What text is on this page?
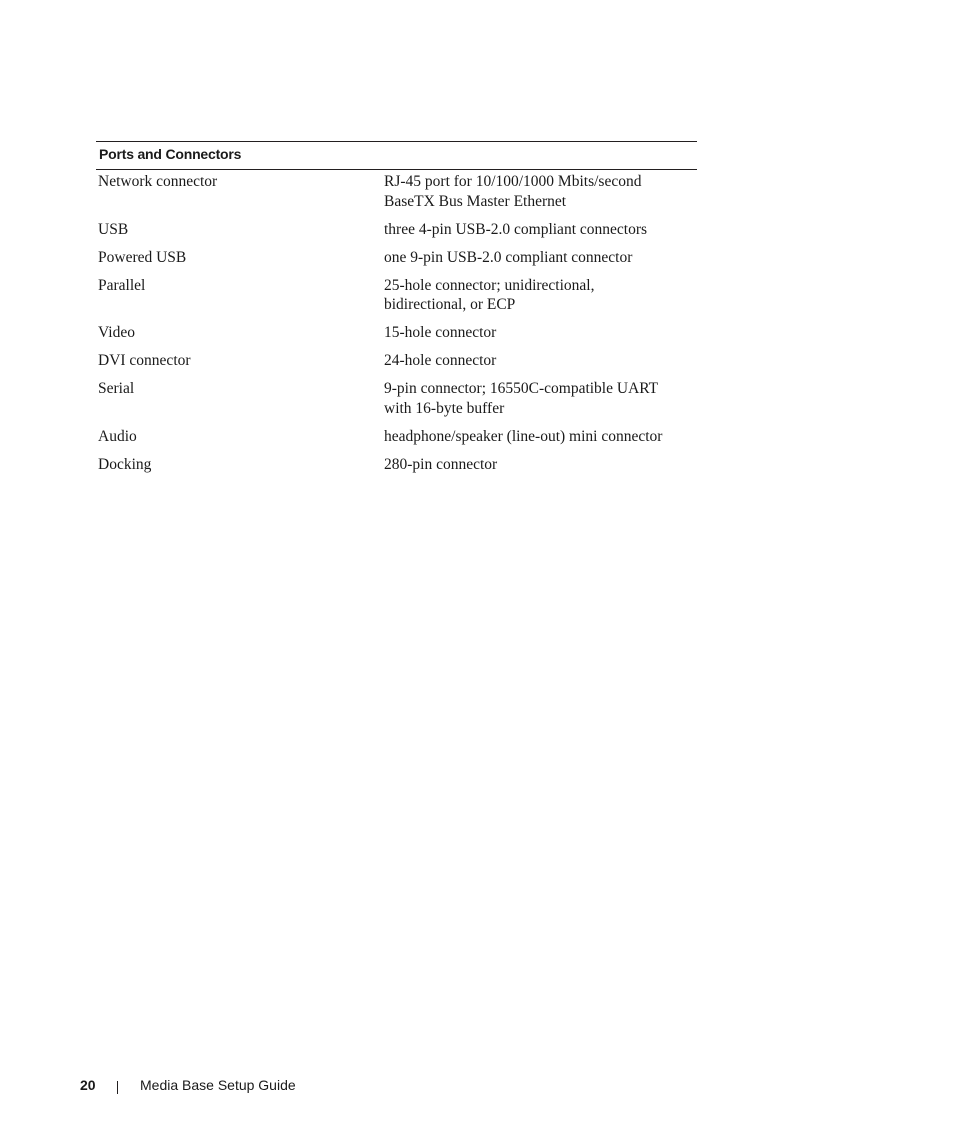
Ports and Connectors	
Network connector	RJ-45 port for 10/100/1000 Mbits/second
BaseTX Bus Master Ethernet
USB	three 4-pin USB-2.0 compliant connectors
Powered USB	one 9-pin USB-2.0 compliant connector
Parallel	25-hole connector; unidirectional,
bidirectional, or ECP
Video	15-hole connector
DVI connector	24-hole connector
Serial	9-pin connector; 16550C-compatible UART
with 16-byte buffer
Audio	headphone/speaker (line-out) mini connector
Docking	280-pin connector
20	Media Base Setup Guide
